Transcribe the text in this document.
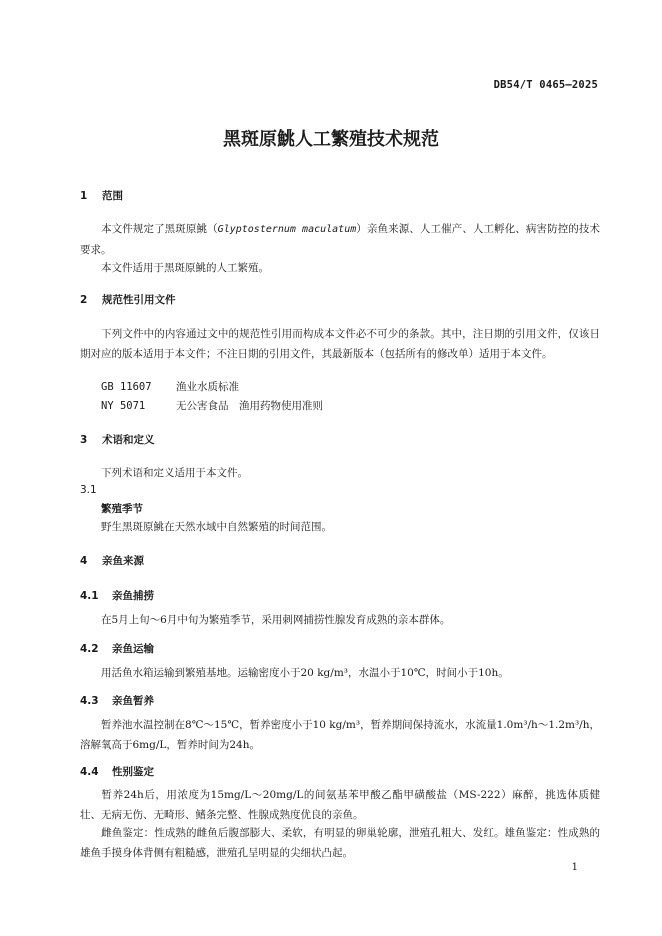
DB54/T 0465—2025
黑斑原鮡人工繁殖技术规范
1 范围
本文件规定了黑斑原鮡（Glyptosternum maculatum）亲鱼来源、人工催产、人工孵化、病害防控的技术要求。
本文件适用于黑斑原鮡的人工繁殖。
2 规范性引用文件
下列文件中的内容通过文中的规范性引用而构成本文件必不可少的条款。其中，注日期的引用文件，仅该日期对应的版本适用于本文件；不注日期的引用文件，其最新版本（包括所有的修改单）适用于本文件。
GB 11607 渔业水质标准
NY 5071	无公害食品　渔用药物使用准则
3 术语和定义
下列术语和定义适用于本文件。
3.1
繁殖季节
野生黑斑原鮡在天然水域中自然繁殖的时间范围。
4 亲鱼来源
4.1 亲鱼捕捞
在5月上旬～6月中旬为繁殖季节，采用刺网捕捞性腺发育成熟的亲本群体。
4.2 亲鱼运输
用活鱼水箱运输到繁殖基地。运输密度小于20 kg/m³，水温小于10℃，时间小于10h。
4.3 亲鱼暂养
暂养池水温控制在8℃～15℃，暂养密度小于10 kg/m³，暂养期间保持流水，水流量1.0m³/h～1.2m³/h，溶解氧高于6mg/L，暂养时间为24h。
4.4 性别鉴定
暂养24h后，用浓度为15mg/L～20mg/L的间氨基苯甲酸乙酯甲磺酸盐（MS-222）麻醉，挑选体质健壮、无病无伤、无畸形、鳍条完整、性腺成熟度优良的亲鱼。
雌鱼鉴定：性成熟的雌鱼后腹部膨大、柔软，有明显的卵巢轮廓，泄殖孔粗大、发红。雄鱼鉴定：性成熟的雄鱼手摸身体背侧有粗糙感，泄殖孔呈明显的尖细状凸起。
1
